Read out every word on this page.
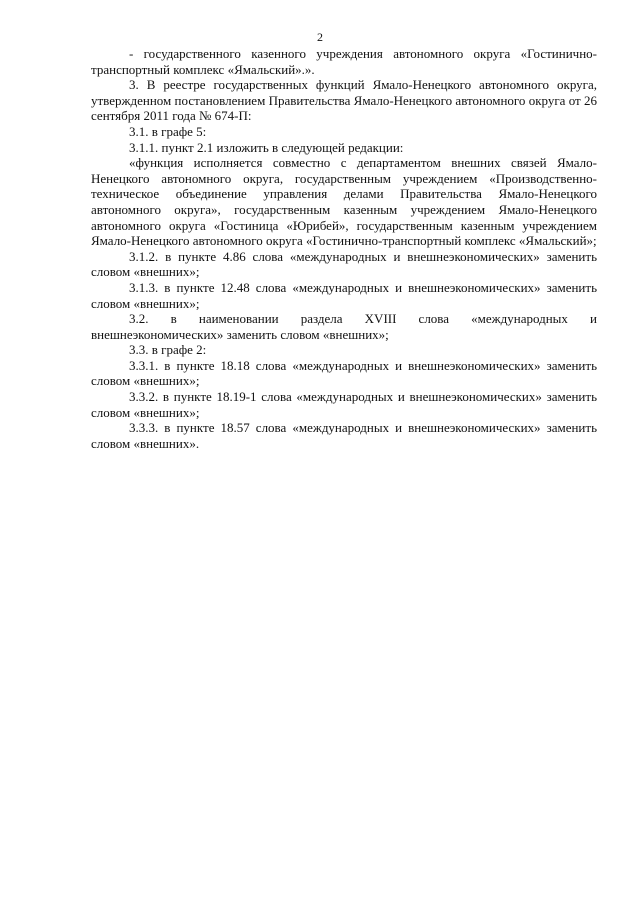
2

- государственного казенного учреждения автономного округа «Гостинично-транспортный комплекс «Ямальский».».

3. В реестре государственных функций Ямало-Ненецкого автономного округа, утвержденном постановлением Правительства Ямало-Ненецкого автономного округа от 26 сентября 2011 года № 674-П:

3.1. в графе 5:

3.1.1. пункт 2.1 изложить в следующей редакции:

«функция исполняется совместно с департаментом внешних связей Ямало-Ненецкого автономного округа, государственным учреждением «Производственно-техническое объединение управления делами Правительства Ямало-Ненецкого автономного округа», государственным казенным учреждением Ямало-Ненецкого автономного округа «Гостиница «Юрибей», государственным казенным учреждением Ямало-Ненецкого автономного округа «Гостинично-транспортный комплекс «Ямальский»;

3.1.2. в пункте 4.86 слова «международных и внешнеэкономических» заменить словом «внешних»;

3.1.3. в пункте 12.48 слова «международных и внешнеэкономических» заменить словом «внешних»;

3.2. в наименовании раздела XVIII слова «международных и внешнеэкономических» заменить словом «внешних»;

3.3. в графе 2:

3.3.1. в пункте 18.18 слова «международных и внешнеэкономических» заменить словом «внешних»;

3.3.2. в пункте 18.19-1 слова «международных и внешнеэкономических» заменить словом «внешних»;

3.3.3. в пункте 18.57 слова «международных и внешнеэкономических» заменить словом «внешних».
